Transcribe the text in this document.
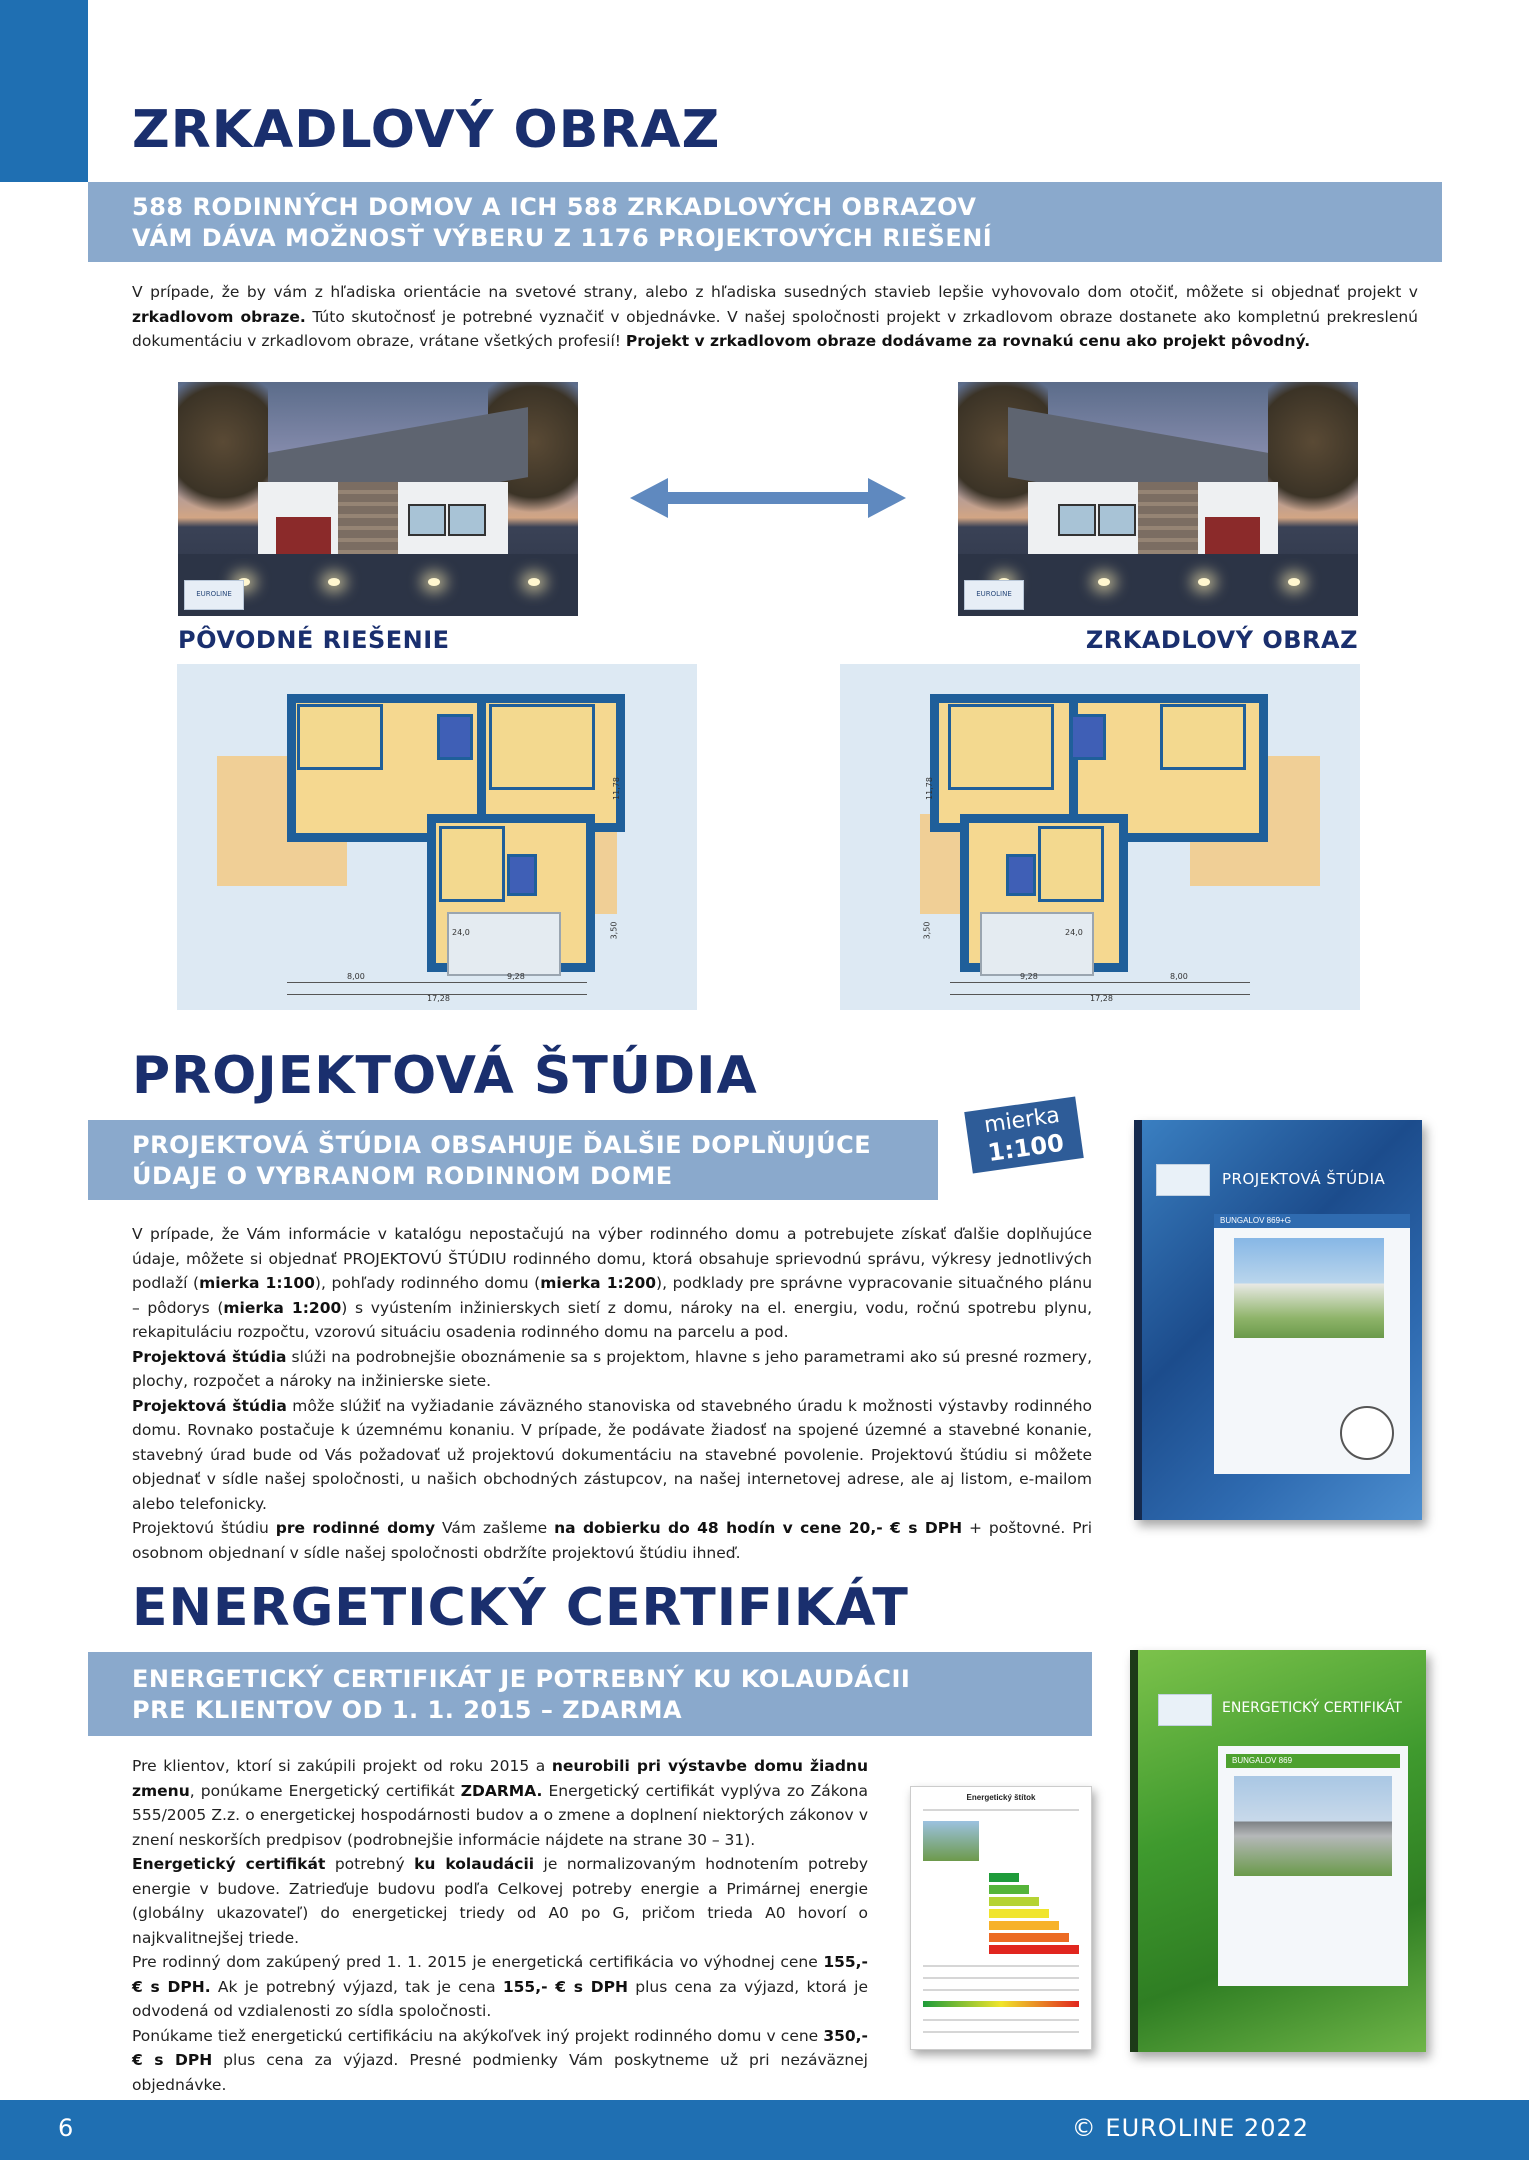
ZRKADLOVÝ OBRAZ
588 RODINNÝCH DOMOV A ICH 588 ZRKADLOVÝCH OBRAZOV
VÁM DÁVA MOŽNOSŤ VÝBERU Z 1176 PROJEKTOVÝCH RIEŠENÍ

V prípade, že by vám z hľadiska orientácie na svetové strany, alebo z hľadiska susedných stavieb lepšie vyhovovalo dom otočiť, môžete si objednať projekt v zrkadlovom obraze. Túto skutočnosť je potrebné vyznačiť v objednávke. V našej spoločnosti projekt v zrkadlovom obraze dostanete ako kompletnú prekreslenú dokumentáciu v zrkadlovom obraze, vrátane všetkých profesií! Projekt v zrkadlovom obraze dodávame za rovnakú cenu ako projekt pôvodný.

EUROLINE	EUROLINE
PÔVODNÉ RIEŠENIE	ZRKADLOVÝ OBRAZ
8,00	9,28
17,28
11,78
3,50
24,0
9,28	8,00
17,28
11,78
3,50	24,0
PROJEKTOVÁ ŠTÚDIA
PROJEKTOVÁ ŠTÚDIA OBSAHUJE ĎALŠIE DOPLŇUJÚCE
ÚDAJE O VYBRANOM RODINNOM DOME
mierka
1:100
PROJEKTOVÁ ŠTÚDIA
BUNGALOV 869+G

V prípade, že Vám informácie v katalógu nepostačujú na výber rodinného domu a potrebujete získať ďalšie doplňujúce údaje, môžete si objednať PROJEKTOVÚ ŠTÚDIU rodinného domu, ktorá obsahuje sprievodnú správu, výkresy jednotlivých podlaží (mierka 1:100), pohľady rodinného domu (mierka 1:200), podklady pre správne vypracovanie situačného plánu – pôdorys (mierka 1:200) s vyústením inžinierskych sietí z domu, nároky na el. energiu, vodu, ročnú spotrebu plynu, rekapituláciu rozpočtu, vzorovú situáciu osadenia rodinného domu na parcelu a pod.

Projektová štúdia slúži na podrobnejšie oboznámenie sa s projektom, hlavne s jeho parametrami ako sú presné rozmery, plochy, rozpočet a nároky na inžinierske siete.

Projektová štúdia môže slúžiť na vyžiadanie záväzného stanoviska od stavebného úradu k možnosti výstavby rodinného domu. Rovnako postačuje k územnému konaniu. V prípade, že podávate žiadosť na spojené územné a stavebné konanie, stavebný úrad bude od Vás požadovať už projektovú dokumentáciu na stavebné povolenie. Projektovú štúdiu si môžete objednať v sídle našej spoločnosti, u našich obchodných zástupcov, na našej internetovej adrese, ale aj listom, e-mailom alebo telefonicky.

Projektovú štúdiu pre rodinné domy Vám zašleme na dobierku do 48 hodín v cene 20,- € s DPH + poštovné. Pri osobnom objednaní v sídle našej spoločnosti obdržíte projektovú štúdiu ihneď.

ENERGETICKÝ CERTIFIKÁT
ENERGETICKÝ CERTIFIKÁT JE POTREBNÝ KU KOLAUDÁCII
PRE KLIENTOV OD 1. 1. 2015 – ZDARMA

Pre klientov, ktorí si zakúpili projekt od roku 2015 a neurobili pri výstavbe domu žiadnu zmenu, ponúkame Energetický certifikát ZDARMA. Energetický certifikát vyplýva zo Zákona 555/2005 Z.z. o energetickej hospodárnosti budov a o zmene a doplnení niektorých zákonov v znení neskorších predpisov (podrobnejšie informácie nájdete na strane 30 – 31).

Energetický certifikát potrebný ku kolaudácii je normalizovaným hodnotením potreby energie v budove. Zatrieďuje budovu podľa Celkovej potreby energie a Primárnej energie (globálny ukazovateľ) do energetickej triedy od A0 po G, pričom trieda A0 hovorí o najkvalitnejšej triede.

Pre rodinný dom zakúpený pred 1. 1. 2015 je energetická certifikácia vo výhodnej cene 155,- € s DPH. Ak je potrebný výjazd, tak je cena 155,- € s DPH plus cena za výjazd, ktorá je odvodená od vzdialenosti zo sídla spoločnosti.

Ponúkame tiež energetickú certifikáciu na akýkoľvek iný projekt rodinného domu v cene 350,- € s DPH plus cena za výjazd. Presné podmienky Vám poskytneme už pri nezáväznej objednávke.

Energetický štítok
ENERGETICKÝ CERTIFIKÁT
BUNGALOV 869
6	© EUROLINE 2022
